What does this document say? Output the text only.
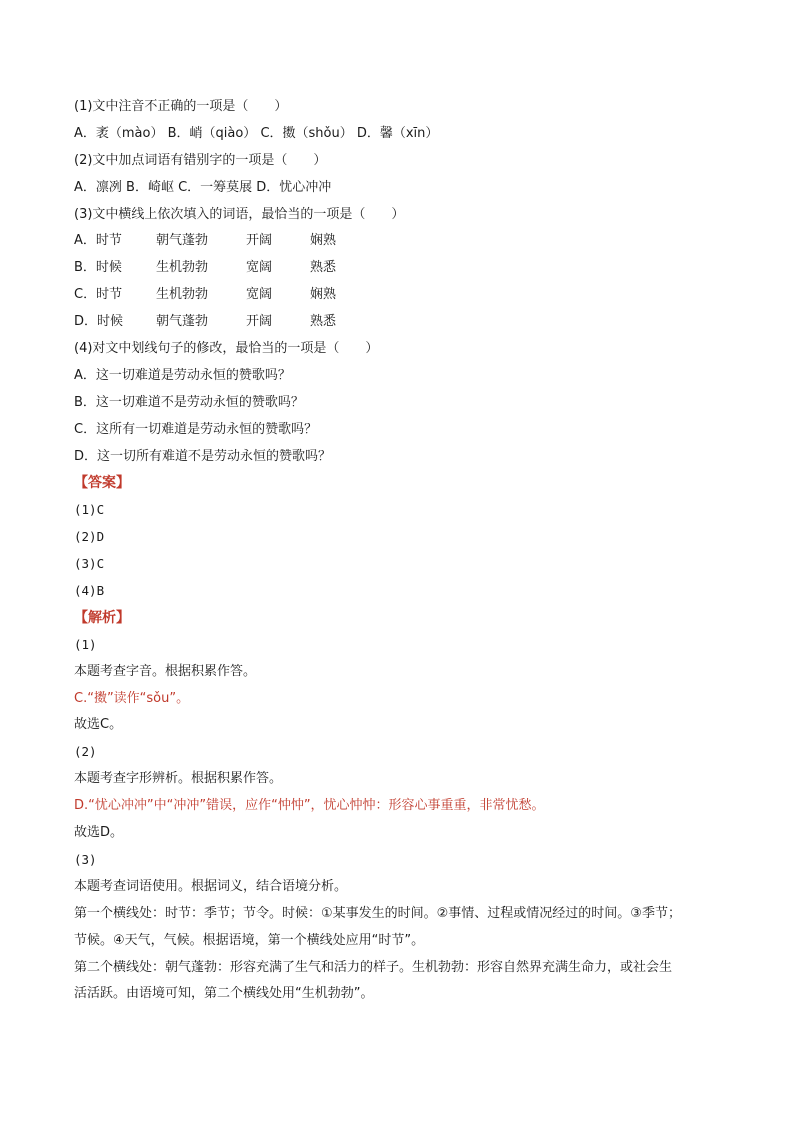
(1)文中注音不正确的一项是（　　）
A．袤（mào） B．峭（qiào） C．擞（shǒu） D．馨（xīn）
(2)文中加点词语有错别字的一项是（　　）
A．凛冽 B．崎岖 C．一筹莫展 D．忧心冲冲
(3)文中横线上依次填入的词语，最恰当的一项是（　　）
A．时节	朝气蓬勃	开阔	娴熟
B．时候	生机勃勃	宽阔	熟悉
C．时节	生机勃勃	宽阔	娴熟
D．时候	朝气蓬勃	开阔	熟悉
(4)对文中划线句子的修改，最恰当的一项是（　　）
A．这一切难道是劳动永恒的赞歌吗？
B．这一切难道不是劳动永恒的赞歌吗？
C．这所有一切难道是劳动永恒的赞歌吗？
D．这一切所有难道不是劳动永恒的赞歌吗？
【答案】
(1)C
(2)D
(3)C
(4)B
【解析】
(1)
本题考查字音。根据积累作答。
C.“擞”读作“sǒu”。
故选C。
(2)
本题考查字形辨析。根据积累作答。
D.“忧心冲冲”中“冲冲”错误，应作“忡忡”，忧心忡忡：形容心事重重，非常忧愁。
故选D。
(3)
本题考查词语使用。根据词义，结合语境分析。
第一个横线处：时节：季节；节令。时候：①某事发生的时间。②事情、过程或情况经过的时间。③季节；
节候。④天气，气候。根据语境，第一个横线处应用“时节”。
第二个横线处：朝气蓬勃：形容充满了生气和活力的样子。生机勃勃：形容自然界充满生命力，或社会生
活活跃。由语境可知，第二个横线处用“生机勃勃”。
